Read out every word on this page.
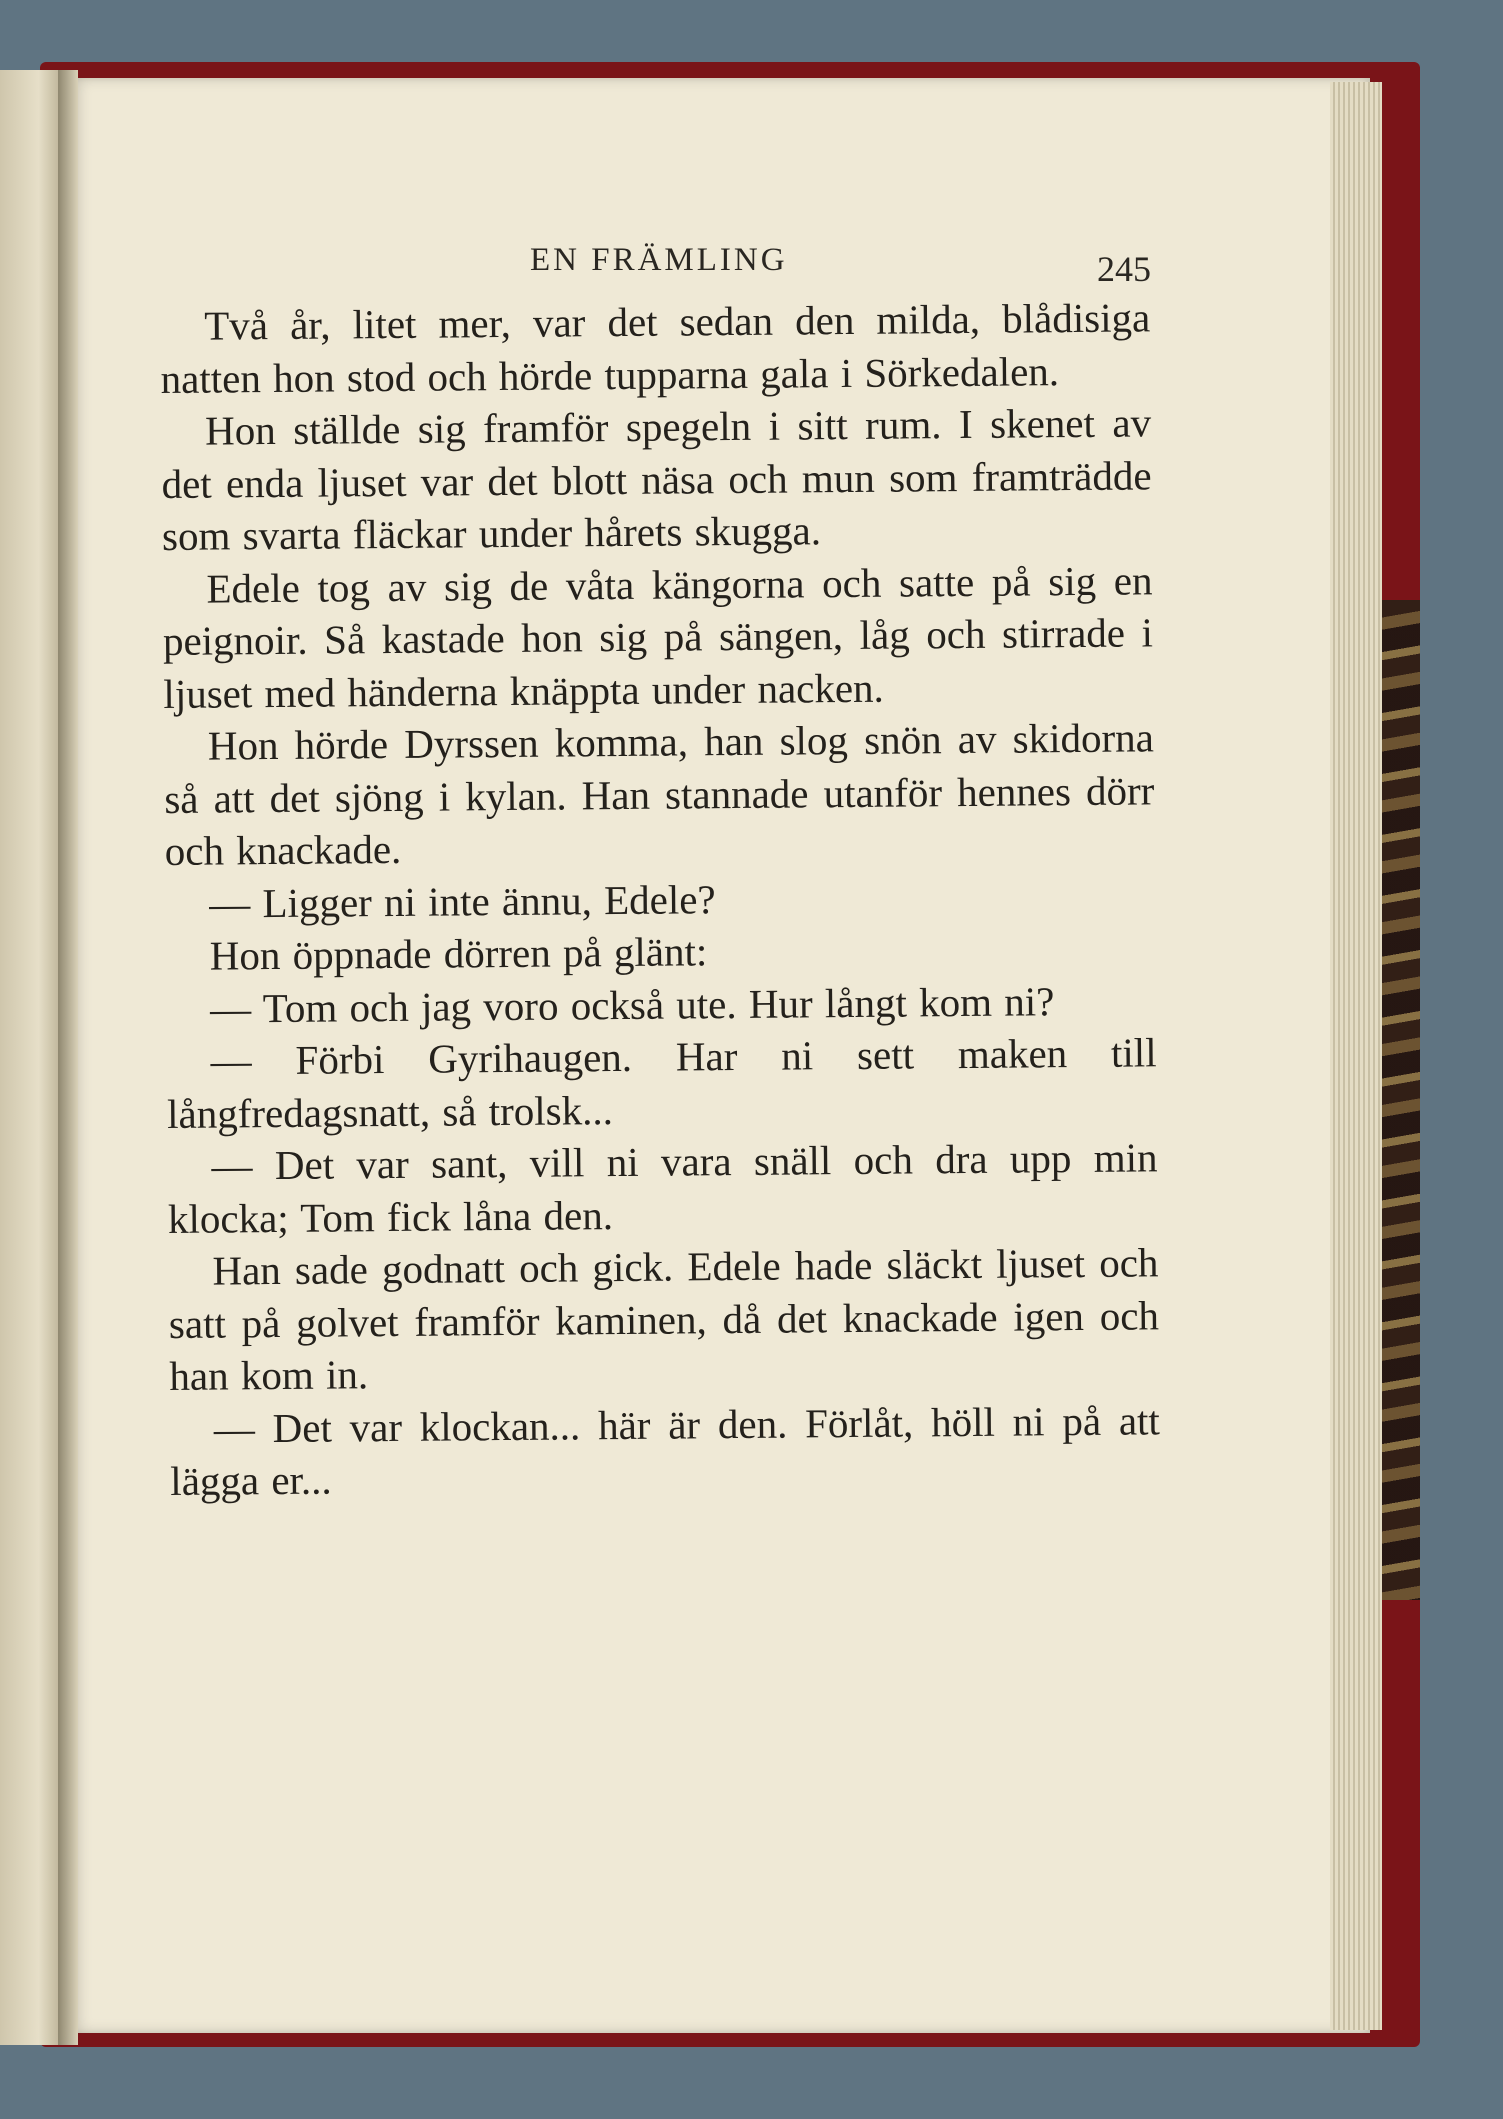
EN FRÄMLING	245

Två år, litet mer, var det sedan den milda, blådisiga natten hon stod och hörde tupparna gala i Sörkedalen.

Hon ställde sig framför spegeln i sitt rum. I skenet av det enda ljuset var det blott näsa och mun som framträdde som svarta fläckar under hårets skugga.

Edele tog av sig de våta kängorna och satte på sig en peignoir. Så kastade hon sig på sängen, låg och stirrade i ljuset med händerna knäppta under nacken.

Hon hörde Dyrssen komma, han slog snön av skidorna så att det sjöng i kylan. Han stannade utanför hennes dörr och knackade.

— Ligger ni inte ännu, Edele?

Hon öppnade dörren på glänt:

— Tom och jag voro också ute. Hur långt kom ni?

— Förbi Gyrihaugen. Har ni sett maken till långfredagsnatt, så trolsk...

— Det var sant, vill ni vara snäll och dra upp min klocka; Tom fick låna den.

Han sade godnatt och gick. Edele hade släckt ljuset och satt på golvet framför kaminen, då det knackade igen och han kom in.

— Det var klockan... här är den. Förlåt, höll ni på att lägga er...
